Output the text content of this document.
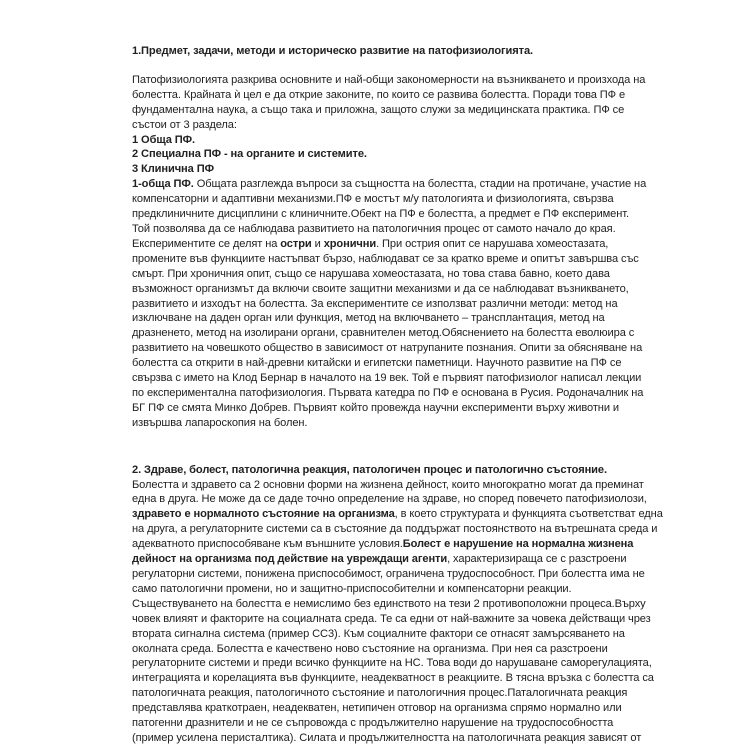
1.Предмет, задачи, методи и историческо развитие на патофизиологията.

Патофизиологията разкрива основните и най-общи закономерности на възникването и произхода на

болестта. Крайната ѝ цел е да открие законите, по които се развива болестта. Поради това ПФ е

фундаментална наука, а също така и приложна, защото служи за медицинската практика. ПФ се

състои от 3 раздела:

1 Обща ПФ.

2 Специална ПФ - на органите и системите.

3 Клинична ПФ

1-обща ПФ. Общата разглежда въпроси за същността на болестта, стадии на протичане, участие на

компенсаторни и адаптивни механизми.ПФ е мостът м/у патологията и физиологията, свързва

предклиничните дисциплини с клиничните.Обект на ПФ е болестта, а предмет е ПФ експеримент.

Той позволява да се наблюдава развитието на патологичния процес от самото начало до края.

Експериментите се делят на остри и хронични. При острия опит се нарушава хомеостазата,

промените във функциите настъпват бързо, наблюдават се за кратко време и опитът завършва със

смърт. При хроничния опит, също се нарушава хомеостазата, но това става бавно, което дава

възможност организмът да включи своите защитни механизми и да се наблюдават възникването,

развитието и изходът на болестта. За експериментите се използват различни методи: метод на

изключване на даден орган или функция, метод на включването – трансплантация, метод на

дразненето, метод на изолирани органи, сравнителен метод.Обяснението на болестта еволюира с

развитието на човешкото общество в зависимост от натрупаните познания. Опити за обясняване на

болестта са открити в най-древни китайски и египетски паметници. Научното развитие на ПФ се

свързва с името на Клод Бернар в началото на 19 век. Той е първият патофизиолог написал лекции

по експериментална патофизиология. Първата катедра по ПФ е основана в Русия. Родоначалник на

БГ ПФ се смята Минко Добрев. Първият който провежда научни експерименти върху животни и

извършва лапароскопия на болен.

2. Здраве, болест, патологична реакция, патологичен процес и патологично състояние.

Болестта и здравето са 2 основни форми на жизнена дейност, които многократно могат да преминат

една в друга. Не може да се даде точно определение на здраве, но според повечето патофизиолози,

здравето е нормалното състояние на организма, в което структурата и функцията съответстват една

на друга, а регулаторните системи са в състояние да поддържат постоянството на вътрешната среда и

адекватното приспособяване към външните условия.Болест е нарушение на нормална жизнена

дейност на организма под действие на увреждащи агенти, характеризираща се с разстроени

регулаторни системи, понижена приспособимост, ограничена трудоспособност. При болестта има не

само патологични промени, но и защитно-приспособителни и компенсаторни реакции.

Съществуването на болестта е немислимо без единството на тези 2 противоположни процеса.Върху

човек влияят и факторите на социалната среда. Те са едни от най-важните за човека действащи чрез

втората сигнална система (пример СС3). Към социалните фактори се отнасят замърсяването на

околната среда. Болестта е качествено ново състояние на организма. При нея са разстроени

регулаторните системи и преди всичко функциите на НС. Това води до нарушаване саморегулацията,

интеграцията и корелацията във функциите, неадекватност в реакциите. В тясна връзка с болестта са

патологичната реакция, патологичното състояние и патологичния процес.Паталогичната реакция

представлява краткотраен, неадекватен, нетипичен отговор на организма спрямо нормално или

патогенни дразнители и не се съпровожда с продължително нарушение на трудоспособността

(пример усилена перисталтика). Силата и продължителността на патологичната реакция зависят от
